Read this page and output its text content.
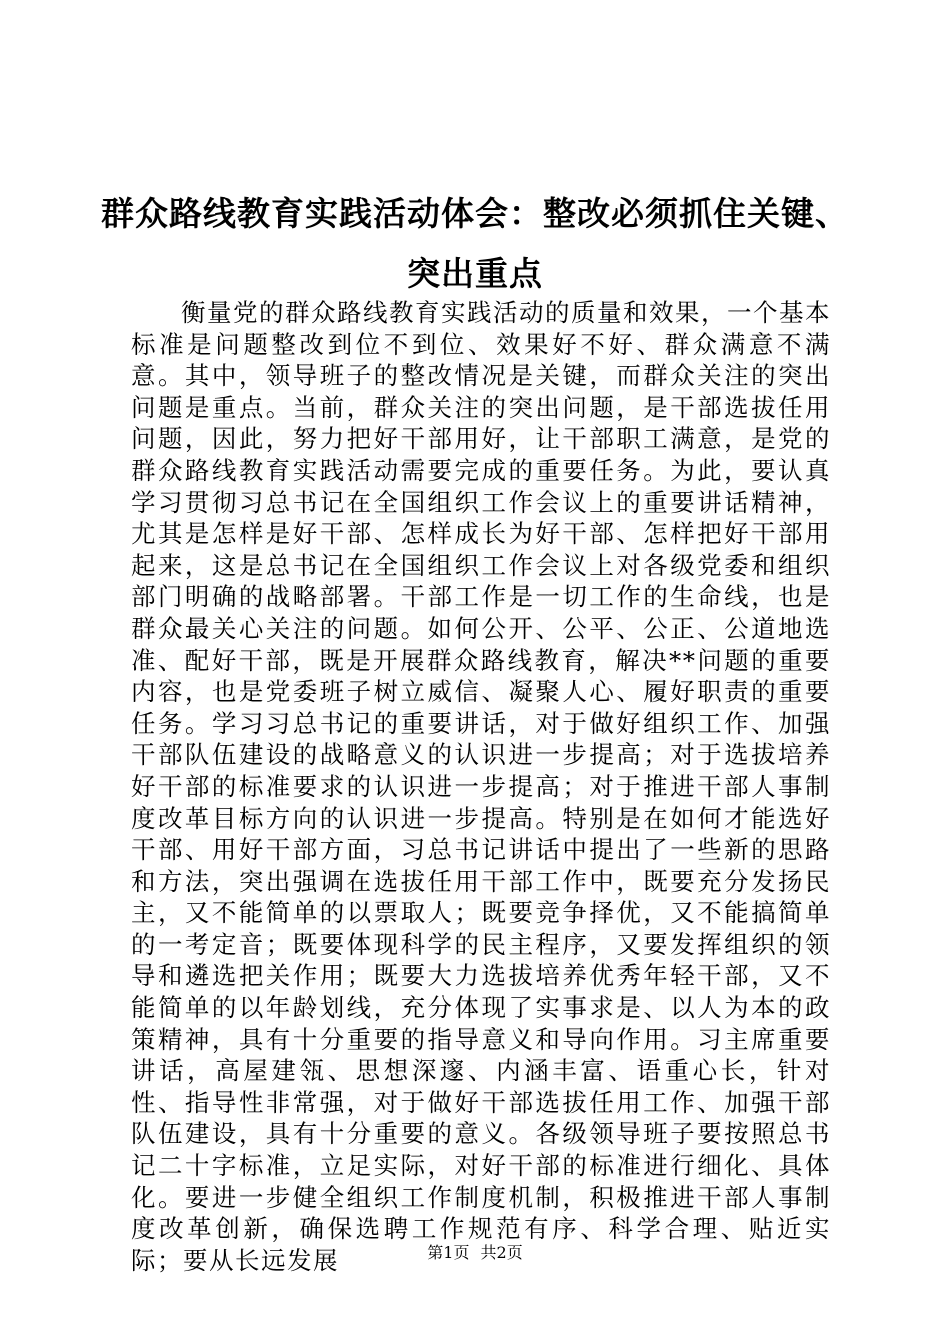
群众路线教育实践活动体会：整改必须抓住关键、突出重点

衡量党的群众路线教育实践活动的质量和效果，一个基本标准是问题整改到位不到位、效果好不好、群众满意不满意。其中，领导班子的整改情况是关键，而群众关注的突出问题是重点。当前，群众关注的突出问题，是干部选拔任用问题，因此，努力把好干部用好，让干部职工满意，是党的群众路线教育实践活动需要完成的重要任务。为此，要认真学习贯彻习总书记在全国组织工作会议上的重要讲话精神，尤其是怎样是好干部、怎样成长为好干部、怎样把好干部用起来，这是总书记在全国组织工作会议上对各级党委和组织部门明确的战略部署。干部工作是一切工作的生命线，也是群众最关心关注的问题。如何公开、公平、公正、公道地选准、配好干部，既是开展群众路线教育，解决**问题的重要内容，也是党委班子树立威信、凝聚人心、履好职责的重要任务。学习习总书记的重要讲话，对于做好组织工作、加强干部队伍建设的战略意义的认识进一步提高；对于选拔培养好干部的标准要求的认识进一步提高；对于推进干部人事制度改革目标方向的认识进一步提高。特别是在如何才能选好干部、用好干部方面，习总书记讲话中提出了一些新的思路和方法，突出强调在选拔任用干部工作中，既要充分发扬民主，又不能简单的以票取人；既要竞争择优，又不能搞简单的一考定音；既要体现科学的民主程序，又要发挥组织的领导和遴选把关作用；既要大力选拔培养优秀年轻干部，又不能简单的以年龄划线，充分体现了实事求是、以人为本的政策精神，具有十分重要的指导意义和导向作用。习主席重要讲话，高屋建瓴、思想深邃、内涵丰富、语重心长，针对性、指导性非常强，对于做好干部选拔任用工作、加强干部队伍建设，具有十分重要的意义。各级领导班子要按照总书记二十字标准，立足实际，对好干部的标准进行细化、具体化。要进一步健全组织工作制度机制，积极推进干部人事制度改革创新，确保选聘工作规范有序、科学合理、贴近实际；要从长远发展	第1页 共2页
